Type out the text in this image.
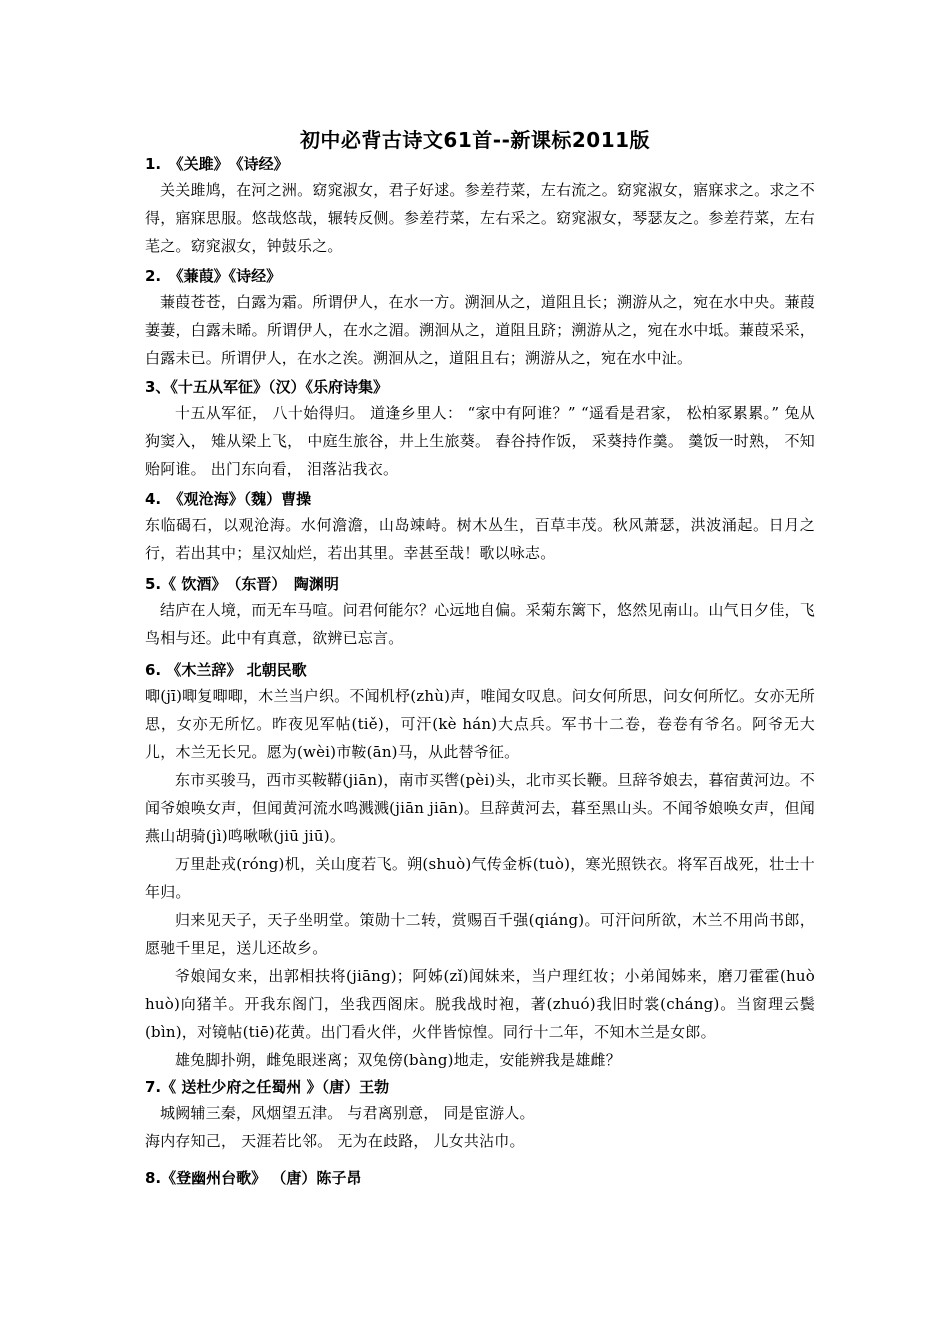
初中必背古诗文61首--新课标2011版
1.　《关雎》　《诗经》

关关雎鸠，在河之洲。窈窕淑女，君子好逑。参差荇菜，左右流之。窈窕淑女，寤寐求之。求之不得，寤寐思服。悠哉悠哉，辗转反侧。参差荇菜，左右采之。窈窕淑女，琴瑟友之。参差荇菜，左右芼之。窈窕淑女，钟鼓乐之。

2.　《蒹葭》《诗经》

蒹葭苍苍，白露为霜。所谓伊人，在水一方。溯洄从之，道阻且长；溯游从之，宛在水中央。蒹葭萋萋，白露未晞。所谓伊人，在水之湄。溯洄从之，道阻且跻；溯游从之，宛在水中坻。蒹葭采采，白露未已。所谓伊人，在水之涘。溯洄从之，道阻且右；溯游从之，宛在水中沚。

3、《十五从军征》（汉）《乐府诗集》

十五从军征， 八十始得归。 道逢乡里人： “家中有阿谁？” “遥看是君家， 松柏冢累累。” 兔从狗窦入， 雉从梁上飞， 中庭生旅谷，井上生旅葵。 舂谷持作饭， 采葵持作羹。 羹饭一时熟， 不知贻阿谁。 出门东向看， 泪落沾我衣。

4.　《观沧海》（魏）曹操

东临碣石，以观沧海。水何澹澹，山岛竦峙。树木丛生，百草丰茂。秋风萧瑟，洪波涌起。日月之行，若出其中；星汉灿烂，若出其里。幸甚至哉！歌以咏志。

5.《 饮酒》　（东晋）　陶渊明

结庐在人境，而无车马喧。问君何能尔？心远地自偏。采菊东篱下，悠然见南山。山气日夕佳，飞鸟相与还。此中有真意，欲辨已忘言。

6. 《木兰辞》 北朝民歌

唧(jī)唧复唧唧，木兰当户织。不闻机杼(zhù)声，唯闻女叹息。问女何所思，问女何所忆。女亦无所思，女亦无所忆。昨夜见军帖(tiě)，可汗(kè hán)大点兵。军书十二卷，卷卷有爷名。阿爷无大儿，木兰无长兄。愿为(wèi)市鞍(ān)马，从此替爷征。

东市买骏马，西市买鞍鞯(jiān)，南市买辔(pèi)头，北市买长鞭。旦辞爷娘去，暮宿黄河边。不闻爷娘唤女声，但闻黄河流水鸣溅溅(jiān jiān)。旦辞黄河去，暮至黑山头。不闻爷娘唤女声，但闻燕山胡骑(jì)鸣啾啾(jiū jiū)。

万里赴戎(róng)机，关山度若飞。朔(shuò)气传金柝(tuò)，寒光照铁衣。将军百战死，壮士十年归。

归来见天子，天子坐明堂。策勋十二转，赏赐百千强(qiáng)。可汗问所欲，木兰不用尚书郎，愿驰千里足，送儿还故乡。

爷娘闻女来，出郭相扶将(jiāng)；阿姊(zǐ)闻妹来，当户理红妆；小弟闻姊来，磨刀霍霍(huò huò)向猪羊。开我东阁门，坐我西阁床。脱我战时袍，著(zhuó)我旧时裳(cháng)。当窗理云鬓(bìn)，对镜帖(tiē)花黄。出门看火伴，火伴皆惊惶。同行十二年，不知木兰是女郎。

雄兔脚扑朔，雌兔眼迷离；双兔傍(bàng)地走，安能辨我是雄雌？

7.《 送杜少府之任蜀州 》（唐）王勃

城阙辅三秦，风烟望五津。 与君离别意， 同是宦游人。

海内存知己， 天涯若比邻。 无为在歧路， 儿女共沾巾。

8.《登幽州台歌》 （唐）陈子昂
